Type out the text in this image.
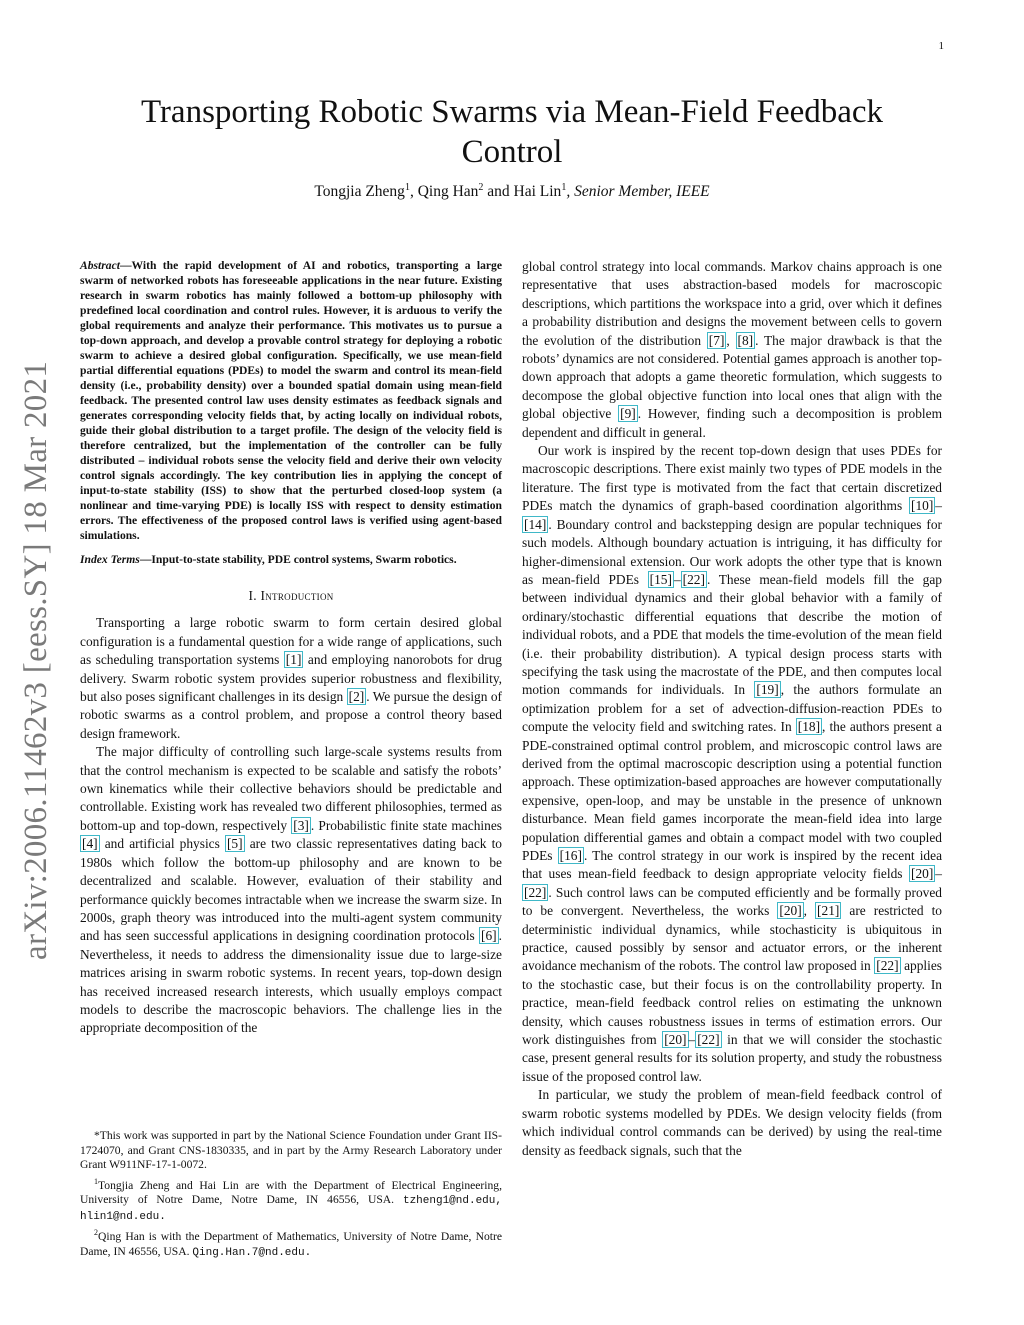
1
arXiv:2006.11462v3 [eess.SY] 18 Mar 2021
Transporting Robotic Swarms via Mean-Field Feedback Control
Tongjia Zheng$^1$, Qing Han$^2$ and Hai Lin$^1$, Senior Member, IEEE

Abstract—With the rapid development of AI and robotics, transporting a large swarm of networked robots has foreseeable applications in the near future. Existing research in swarm robotics has mainly followed a bottom-up philosophy with predefined local coordination and control rules. However, it is arduous to verify the global requirements and analyze their performance. This motivates us to pursue a top-down approach, and develop a provable control strategy for deploying a robotic swarm to achieve a desired global configuration. Specifically, we use mean-field partial differential equations (PDEs) to model the swarm and control its mean-field density (i.e., probability density) over a bounded spatial domain using mean-field feedback. The presented control law uses density estimates as feedback signals and generates corresponding velocity fields that, by acting locally on individual robots, guide their global distribution to a target profile. The design of the velocity field is therefore centralized, but the implementation of the controller can be fully distributed – individual robots sense the velocity field and derive their own velocity control signals accordingly. The key contribution lies in applying the concept of input-to-state stability (ISS) to show that the perturbed closed-loop system (a nonlinear and time-varying PDE) is locally ISS with respect to density estimation errors. The effectiveness of the proposed control laws is verified using agent-based simulations.

Index Terms—Input-to-state stability, PDE control systems, Swarm robotics.

I. Introduction

Transporting a large robotic swarm to form certain desired global configuration is a fundamental question for a wide range of applications, such as scheduling transportation systems [1] and employing nanorobots for drug delivery. Swarm robotic system provides superior robustness and flexibility, but also poses significant challenges in its design [2] . We pursue the design of robotic swarms as a control problem, and propose a control theory based design framework.

The major difficulty of controlling such large-scale systems results from that the control mechanism is expected to be scalable and satisfy the robots’ own kinematics while their collective behaviors should be predictable and controllable. Existing work has revealed two different philosophies, termed as bottom-up and top-down, respectively [3] . Probabilistic finite state machines [4] and artificial physics [5] are two classic representatives dating back to 1980s which follow the bottom-up philosophy and are known to be decentralized and scalable. However, evaluation of their stability and performance quickly becomes intractable when we increase the swarm size. In 2000s, graph theory was introduced into the multi-agent system community and has seen successful applications in designing coordination protocols [6] . Nevertheless, it needs to address the dimensionality issue due to large-size matrices arising in swarm robotic systems. In recent years, top-down design has received increased research interests, which usually employs compact models to describe the macroscopic behaviors. The challenge lies in the appropriate decomposition of the

*This work was supported in part by the National Science Foundation under Grant IIS-1724070, and Grant CNS-1830335, and in part by the Army Research Laboratory under Grant W911NF-17-1-0072.

$^1$Tongjia Zheng and Hai Lin are with the Department of Electrical Engineering, University of Notre Dame, Notre Dame, IN 46556, USA. tzheng1@nd.edu, hlin1@nd.edu.

$^2$Qing Han is with the Department of Mathematics, University of Notre Dame, Notre Dame, IN 46556, USA. Qing.Han.7@nd.edu.

global control strategy into local commands. Markov chains approach is one representative that uses abstraction-based models for macroscopic descriptions, which partitions the workspace into a grid, over which it defines a probability distribution and designs the movement between cells to govern the evolution of the distribution [7] , [8] . The major drawback is that the robots’ dynamics are not considered. Potential games approach is another top-down approach that adopts a game theoretic formulation, which suggests to decompose the global objective function into local ones that align with the global objective [9] . However, finding such a decomposition is problem dependent and difficult in general.

Our work is inspired by the recent top-down design that uses PDEs for macroscopic descriptions. There exist mainly two types of PDE models in the literature. The first type is motivated from the fact that certain discretized PDEs match the dynamics of graph-based coordination algorithms [10] –[14] . Boundary control and backstepping design are popular techniques for such models. Although boundary actuation is intriguing, it has difficulty for higher-dimensional extension. Our work adopts the other type that is known as mean-field PDEs [15] – [22] . These mean-field models fill the gap between individual dynamics and their global behavior with a family of ordinary/stochastic differential equations that describe the motion of individual robots, and a PDE that models the time-evolution of the mean field (i.e. their probability distribution). A typical design process starts with specifying the task using the macrostate of the PDE, and then computes local motion commands for individuals. In [19] , the authors formulate an optimization problem for a set of advection-diffusion-reaction PDEs to compute the velocity field and switching rates. In [18] , the authors present a PDE-constrained optimal control problem, and microscopic control laws are derived from the optimal macroscopic description using a potential function approach. These optimization-based approaches are however computationally expensive, open-loop, and may be unstable in the presence of unknown disturbance. Mean field games incorporate the mean-field idea into large population differential games and obtain a compact model with two coupled PDEs [16] . The control strategy in our work is inspired by the recent idea that uses mean-field feedback to design appropriate velocity fields [20] –[22] . Such control laws can be computed efficiently and be formally proved to be convergent. Nevertheless, the works [20] , [21] are restricted to deterministic individual dynamics, while stochasticity is ubiquitous in practice, caused possibly by sensor and actuator errors, or the inherent avoidance mechanism of the robots. The control law proposed in [22] applies to the stochastic case, but their focus is on the controllability property. In practice, mean-field feedback control relies on estimating the unknown density, which causes robustness issues in terms of estimation errors. Our work distinguishes from [20] – [22] in that we will consider the stochastic case, present general results for its solution property, and study the robustness issue of the proposed control law.

In particular, we study the problem of mean-field feedback control of swarm robotic systems modelled by PDEs. We design velocity fields (from which individual control commands can be derived) by using the real-time density as feedback signals, such that the
